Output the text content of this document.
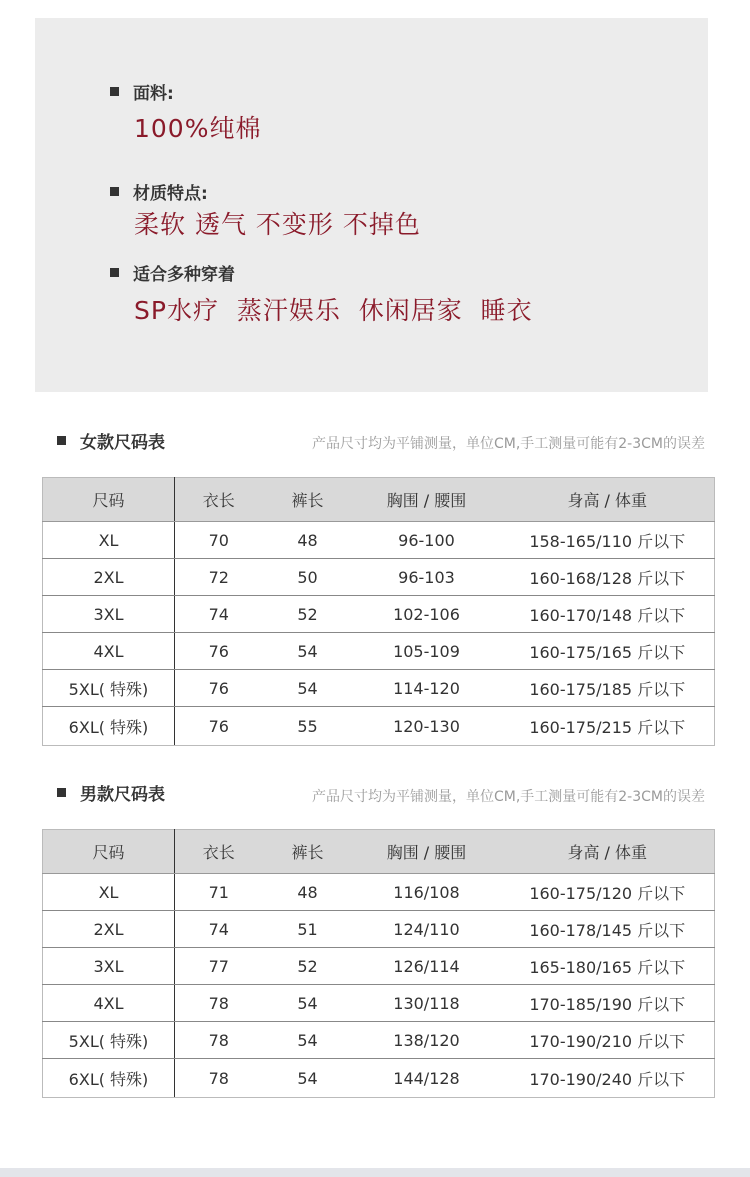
面料:
100%纯棉
材质特点:
柔软 透气 不变形 不掉色
适合多种穿着
SP水疗  蒸汗娱乐  休闲居家  睡衣
女款尺码表	产品尺寸均为平铺测量，单位CM,手工测量可能有2-3CM的误差
尺码	衣长	裤长	胸围 / 腰围	身高 / 体重
XL	70	48	96-100	158-165/110 斤以下
2XL	72	50	96-103	160-168/128 斤以下
3XL	74	52	102-106	160-170/148 斤以下
4XL	76	54	105-109	160-175/165 斤以下
5XL( 特殊)	76	54	114-120	160-175/185 斤以下
6XL( 特殊)	76	55	120-130	160-175/215 斤以下
男款尺码表	产品尺寸均为平铺测量，单位CM,手工测量可能有2-3CM的误差
尺码	衣长	裤长	胸围 / 腰围	身高 / 体重
XL	71	48	116/108	160-175/120 斤以下
2XL	74	51	124/110	160-178/145 斤以下
3XL	77	52	126/114	165-180/165 斤以下
4XL	78	54	130/118	170-185/190 斤以下
5XL( 特殊)	78	54	138/120	170-190/210 斤以下
6XL( 特殊)	78	54	144/128	170-190/240 斤以下
